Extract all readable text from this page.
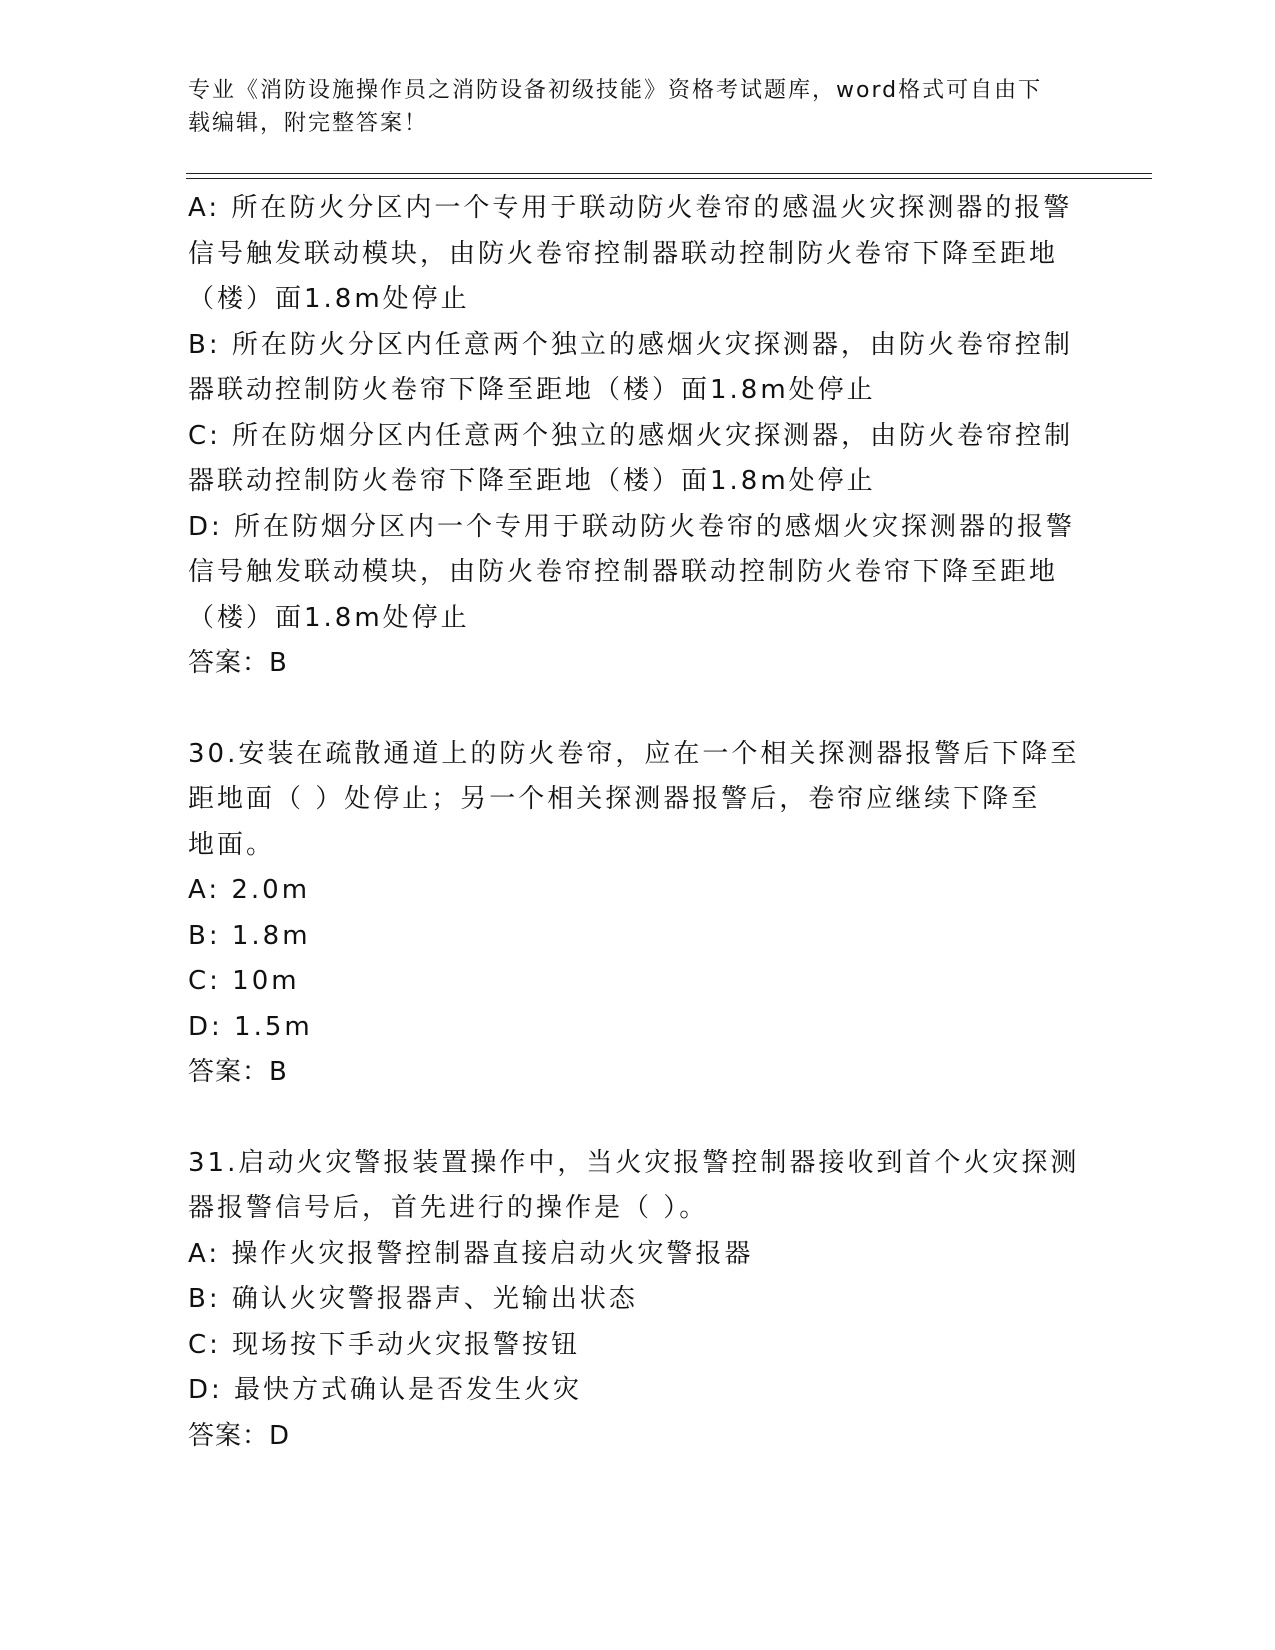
专业《消防设施操作员之消防设备初级技能》资格考试题库，word格式可自由下
载编辑，附完整答案！
A: 所在防火分区内一个专用于联动防火卷帘的感温火灾探测器的报警
信号触发联动模块，由防火卷帘控制器联动控制防火卷帘下降至距地
（楼）面1.8m处停止
B: 所在防火分区内任意两个独立的感烟火灾探测器，由防火卷帘控制
器联动控制防火卷帘下降至距地（楼）面1.8m处停止
C: 所在防烟分区内任意两个独立的感烟火灾探测器，由防火卷帘控制
器联动控制防火卷帘下降至距地（楼）面1.8m处停止
D: 所在防烟分区内一个专用于联动防火卷帘的感烟火灾探测器的报警
信号触发联动模块，由防火卷帘控制器联动控制防火卷帘下降至距地
（楼）面1.8m处停止
答案：B
30.安装在疏散通道上的防火卷帘，应在一个相关探测器报警后下降至
距地面（ ）处停止；另一个相关探测器报警后，卷帘应继续下降至
地面。
A: 2.0m
B: 1.8m
C: 10m
D: 1.5m
答案：B
31.启动火灾警报装置操作中，当火灾报警控制器接收到首个火灾探测
器报警信号后，首先进行的操作是（ ）。
A: 操作火灾报警控制器直接启动火灾警报器
B: 确认火灾警报器声、光输出状态
C: 现场按下手动火灾报警按钮
D: 最快方式确认是否发生火灾
答案：D
